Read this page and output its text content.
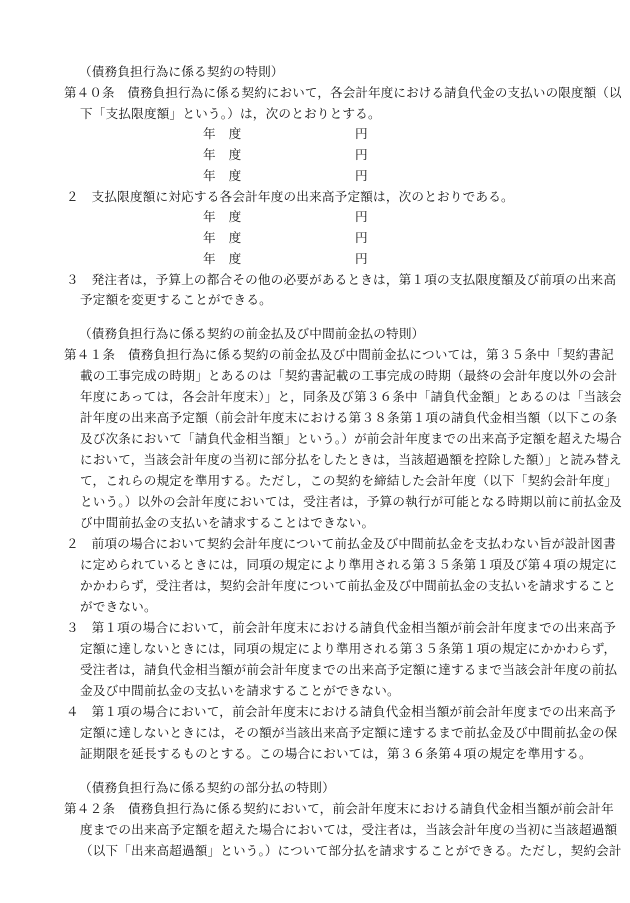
（債務負担行為に係る契約の特則）
第４０条　債務負担行為に係る契約において，各会計年度における請負代金の支払いの限度額（以
下「支払限度額」という。）は，次のとおりとする。
年　度	円
年　度	円
年　度	円
２　支払限度額に対応する各会計年度の出来高予定額は，次のとおりである。
年　度	円
年　度	円
年　度	円
３　発注者は，予算上の都合その他の必要があるときは，第１項の支払限度額及び前項の出来高
予定額を変更することができる。
（債務負担行為に係る契約の前金払及び中間前金払の特則）
第４１条　債務負担行為に係る契約の前金払及び中間前金払については，第３５条中「契約書記
載の工事完成の時期」とあるのは「契約書記載の工事完成の時期（最終の会計年度以外の会計
年度にあっては，各会計年度末）」と，同条及び第３６条中「請負代金額」とあるのは「当該会
計年度の出来高予定額（前会計年度末における第３８条第１項の請負代金相当額（以下この条
及び次条において「請負代金相当額」という。）が前会計年度までの出来高予定額を超えた場合
において，当該会計年度の当初に部分払をしたときは，当該超過額を控除した額）」と読み替え
て，これらの規定を準用する。ただし，この契約を締結した会計年度（以下「契約会計年度」
という。）以外の会計年度においては，受注者は，予算の執行が可能となる時期以前に前払金及
び中間前払金の支払いを請求することはできない。
２　前項の場合において契約会計年度について前払金及び中間前払金を支払わない旨が設計図書
に定められているときには，同項の規定により準用される第３５条第１項及び第４項の規定に
かかわらず，受注者は，契約会計年度について前払金及び中間前払金の支払いを請求すること
ができない。
３　第１項の場合において，前会計年度末における請負代金相当額が前会計年度までの出来高予
定額に達しないときには，同項の規定により準用される第３５条第１項の規定にかかわらず，
受注者は，請負代金相当額が前会計年度までの出来高予定額に達するまで当該会計年度の前払
金及び中間前払金の支払いを請求することができない。
４　第１項の場合において，前会計年度末における請負代金相当額が前会計年度までの出来高予
定額に達しないときには，その額が当該出来高予定額に達するまで前払金及び中間前払金の保
証期限を延長するものとする。この場合においては，第３６条第４項の規定を準用する。
（債務負担行為に係る契約の部分払の特則）
第４２条　債務負担行為に係る契約において，前会計年度末における請負代金相当額が前会計年
度までの出来高予定額を超えた場合においては，受注者は，当該会計年度の当初に当該超過額
（以下「出来高超過額」という。）について部分払を請求することができる。ただし，契約会計
